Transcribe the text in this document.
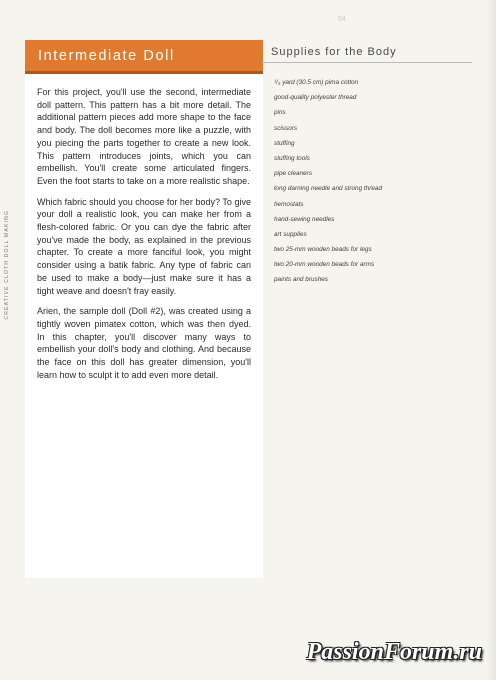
54
CREATIVE CLOTH DOLL MAKING
Intermediate Doll

For this project, you'll use the second, intermediate doll pattern. This pattern has a bit more detail. The additional pattern pieces add more shape to the face and body. The doll becomes more like a puzzle, with you piecing the parts together to create a new look. This pattern introduces joints, which you can embellish. You'll create some articulated fingers. Even the foot starts to take on a more realistic shape.

Which fabric should you choose for her body? To give your doll a realistic look, you can make her from a flesh-colored fabric. Or you can dye the fabric after you've made the body, as explained in the previous chapter. To create a more fanciful look, you might consider using a batik fabric. Any type of fabric can be used to make a body—just make sure it has a tight weave and doesn't fray easily.

Arien, the sample doll (Doll #2), was created using a tightly woven pimatex cotton, which was then dyed. In this chapter, you'll discover many ways to embellish your doll's body and clothing. And because the face on this doll has greater dimension, you'll learn how to sculpt it to add even more detail.

Supplies for the Body
¹/₃ yard (30.5 cm) pima cotton
good-quality polyester thread
pins
scissors
stuffing
stuffing tools
pipe cleaners
long darning needle and strong thread
hemostats
hand-sewing needles
art supplies
two 25-mm wooden beads for legs
two 20-mm wooden beads for arms
paints and brushes
PassionForum.ru
